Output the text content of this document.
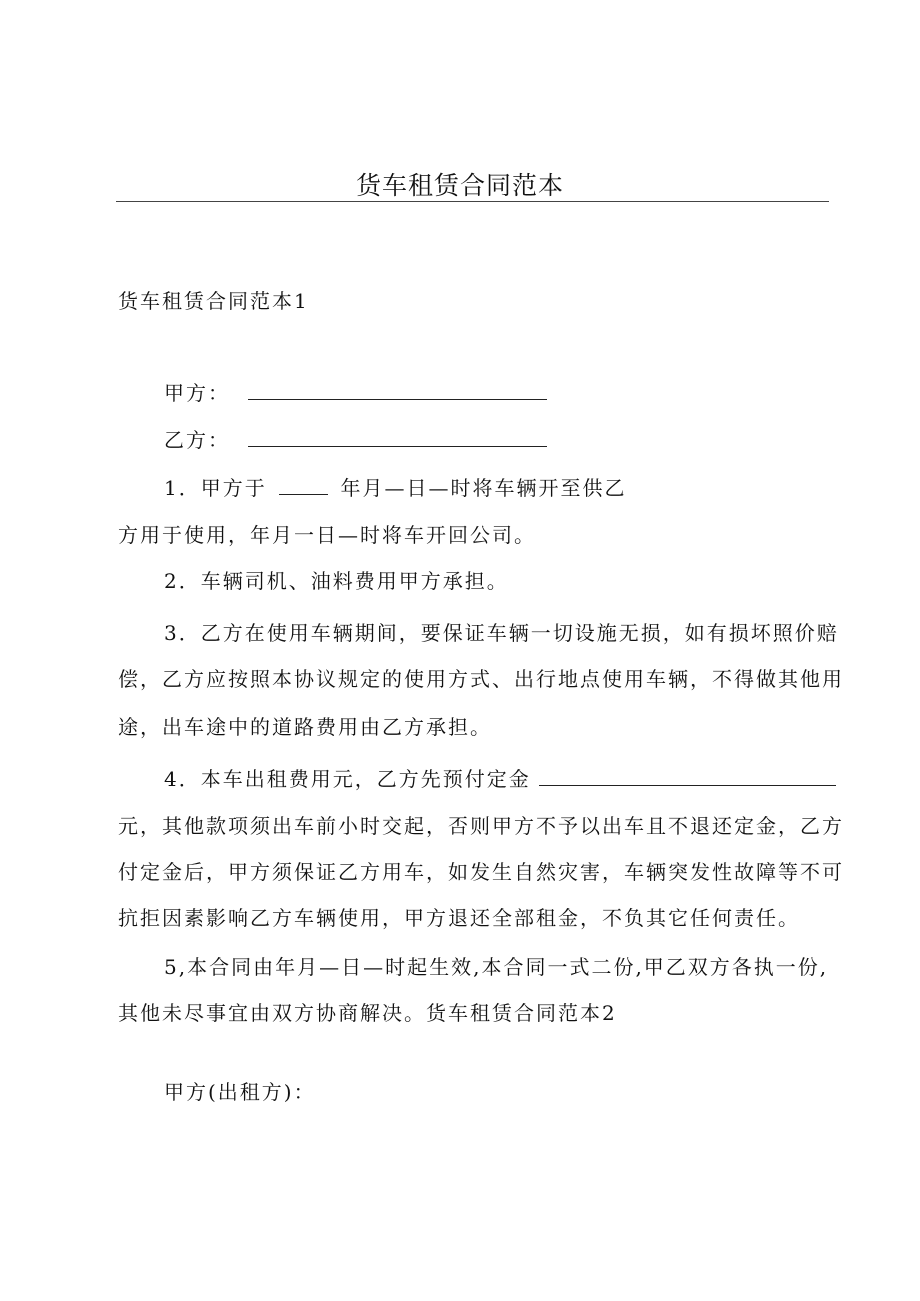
货车租赁合同范本
货车租赁合同范本1
甲方：
乙方：
1．甲方于	年月—日—时将车辆开至供乙
方用于使用，年月一日—时将车开回公司。
2．车辆司机、油料费用甲方承担。
3．乙方在使用车辆期间，要保证车辆一切设施无损，如有损坏照价赔
偿，乙方应按照本协议规定的使用方式、出行地点使用车辆，不得做其他用
途，出车途中的道路费用由乙方承担。
4．本车出租费用元，乙方先预付定金
元，其他款项须出车前小时交起，否则甲方不予以出车且不退还定金，乙方
付定金后，甲方须保证乙方用车，如发生自然灾害，车辆突发性故障等不可
抗拒因素影响乙方车辆使用，甲方退还全部租金，不负其它任何责任。
5,本合同由年月—日—时起生效,本合同一式二份,甲乙双方各执一份,
其他未尽事宜由双方协商解决。货车租赁合同范本2
甲方(出租方)：
